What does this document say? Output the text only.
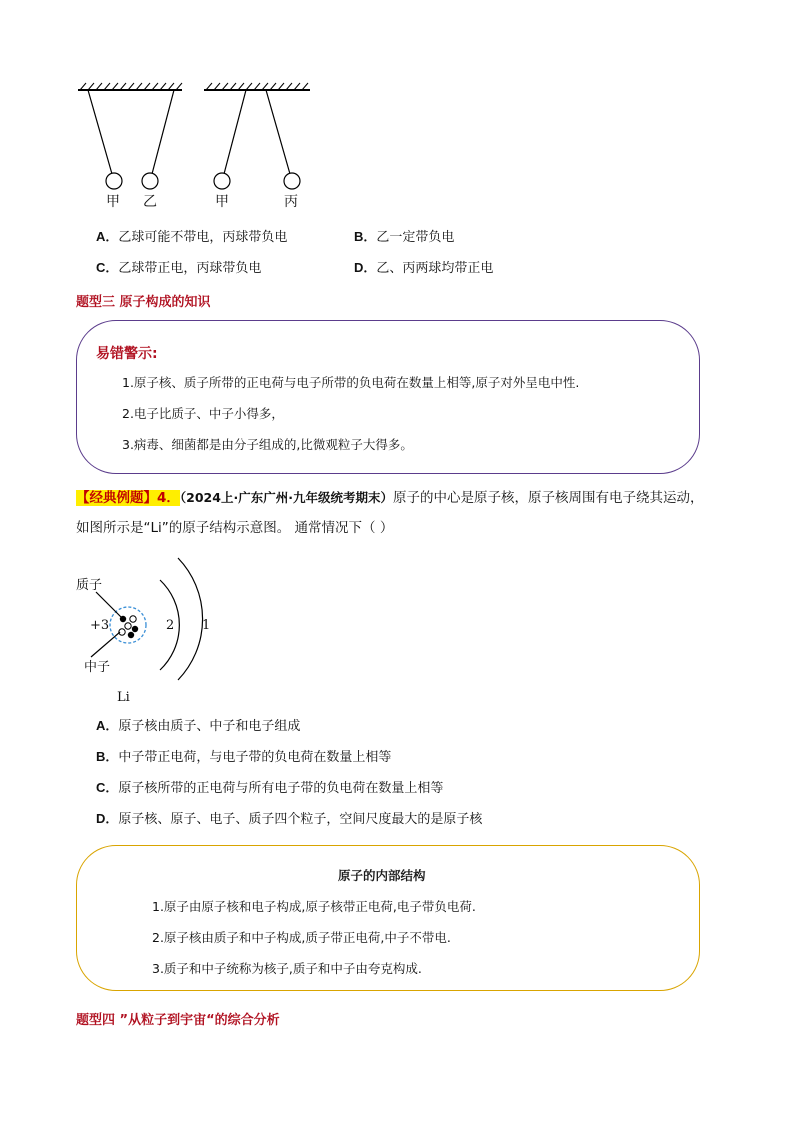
甲 乙	甲	丙
A．乙球可能不带电，丙球带负电	B．乙一定带负电
C．乙球带正电，丙球带负电	D．乙、丙两球均带正电
题型三 原子构成的知识
易错警示:
1.原子核、质子所带的正电荷与电子所带的负电荷在数量上相等,原子对外呈电中性.
2.电子比质子、中子小得多，
3.病毒、细菌都是由分子组成的,比微观粒子大得多。
【经典例题】4．（2024上·广东广州·九年级统考期末）原子的中心是原子核，原子核周围有电子绕其运动，
如图所示是“Li”的原子结构示意图。 通常情况下（ ）
质子
+3	2 1
中子
Li
A．原子核由质子、中子和电子组成
B．中子带正电荷，与电子带的负电荷在数量上相等
C．原子核所带的正电荷与所有电子带的负电荷在数量上相等
D．原子核、原子、电子、质子四个粒子，空间尺度最大的是原子核
原子的内部结构
1.原子由原子核和电子构成,原子核带正电荷,电子带负电荷.
2.原子核由质子和中子构成,质子带正电荷,中子不带电.
3.质子和中子统称为核子,质子和中子由夸克构成.
题型四 ”从粒子到宇宙“的综合分析
